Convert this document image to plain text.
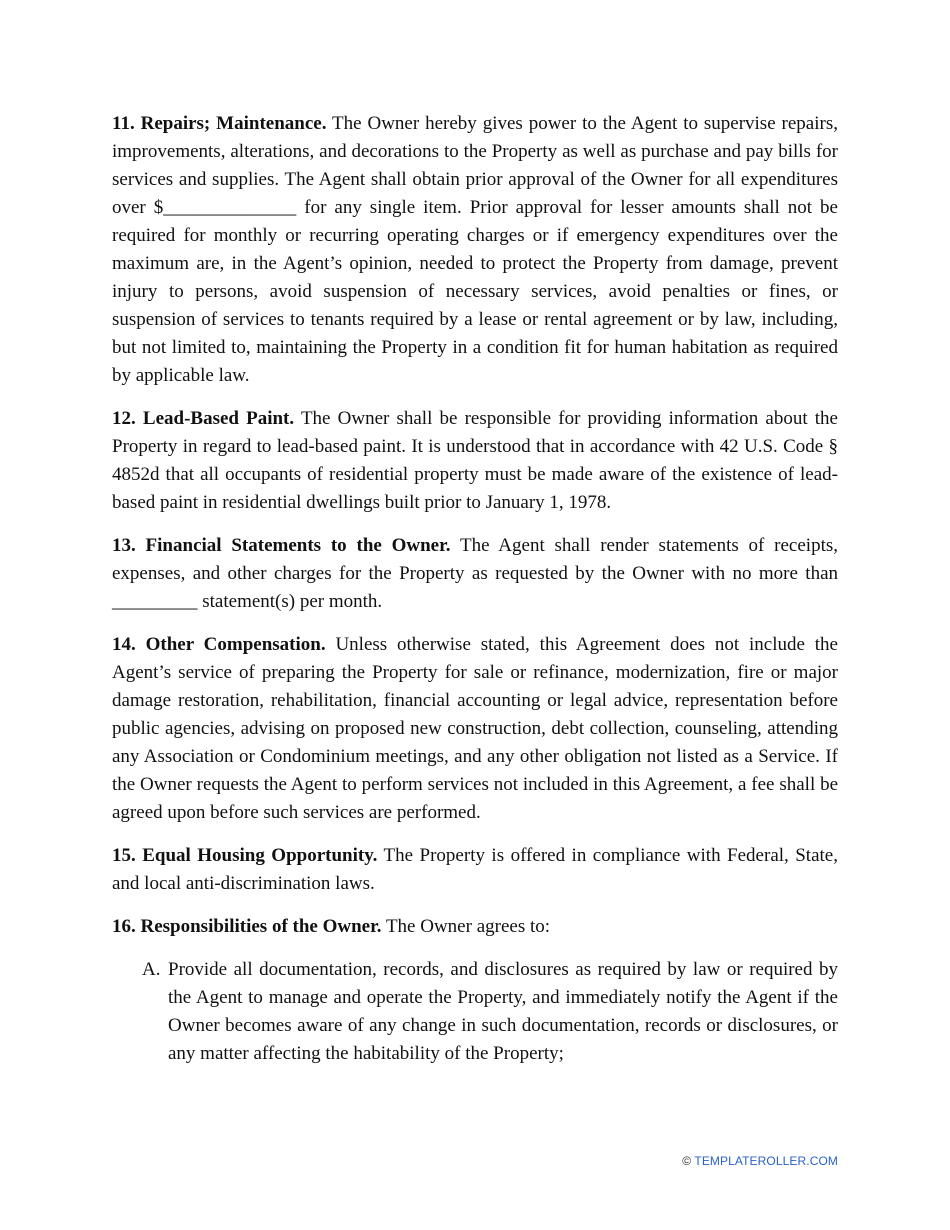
11. Repairs; Maintenance. The Owner hereby gives power to the Agent to supervise repairs, improvements, alterations, and decorations to the Property as well as purchase and pay bills for services and supplies. The Agent shall obtain prior approval of the Owner for all expenditures over $______________ for any single item. Prior approval for lesser amounts shall not be required for monthly or recurring operating charges or if emergency expenditures over the maximum are, in the Agent’s opinion, needed to protect the Property from damage, prevent injury to persons, avoid suspension of necessary services, avoid penalties or fines, or suspension of services to tenants required by a lease or rental agreement or by law, including, but not limited to, maintaining the Property in a condition fit for human habitation as required by applicable law.

12. Lead-Based Paint. The Owner shall be responsible for providing information about the Property in regard to lead-based paint. It is understood that in accordance with 42 U.S. Code § 4852d that all occupants of residential property must be made aware of the existence of lead-based paint in residential dwellings built prior to January 1, 1978.

13. Financial Statements to the Owner. The Agent shall render statements of receipts, expenses, and other charges for the Property as requested by the Owner with no more than _________ statement(s) per month.

14. Other Compensation. Unless otherwise stated, this Agreement does not include the Agent’s service of preparing the Property for sale or refinance, modernization, fire or major damage restoration, rehabilitation, financial accounting or legal advice, representation before public agencies, advising on proposed new construction, debt collection, counseling, attending any Association or Condominium meetings, and any other obligation not listed as a Service. If the Owner requests the Agent to perform services not included in this Agreement, a fee shall be agreed upon before such services are performed.

15. Equal Housing Opportunity. The Property is offered in compliance with Federal, State, and local anti-discrimination laws.

16. Responsibilities of the Owner. The Owner agrees to:

A. Provide all documentation, records, and disclosures as required by law or required by the Agent to manage and operate the Property, and immediately notify the Agent if the Owner becomes aware of any change in such documentation, records or disclosures, or any matter affecting the habitability of the Property;
© TEMPLATEROLLER.COM
